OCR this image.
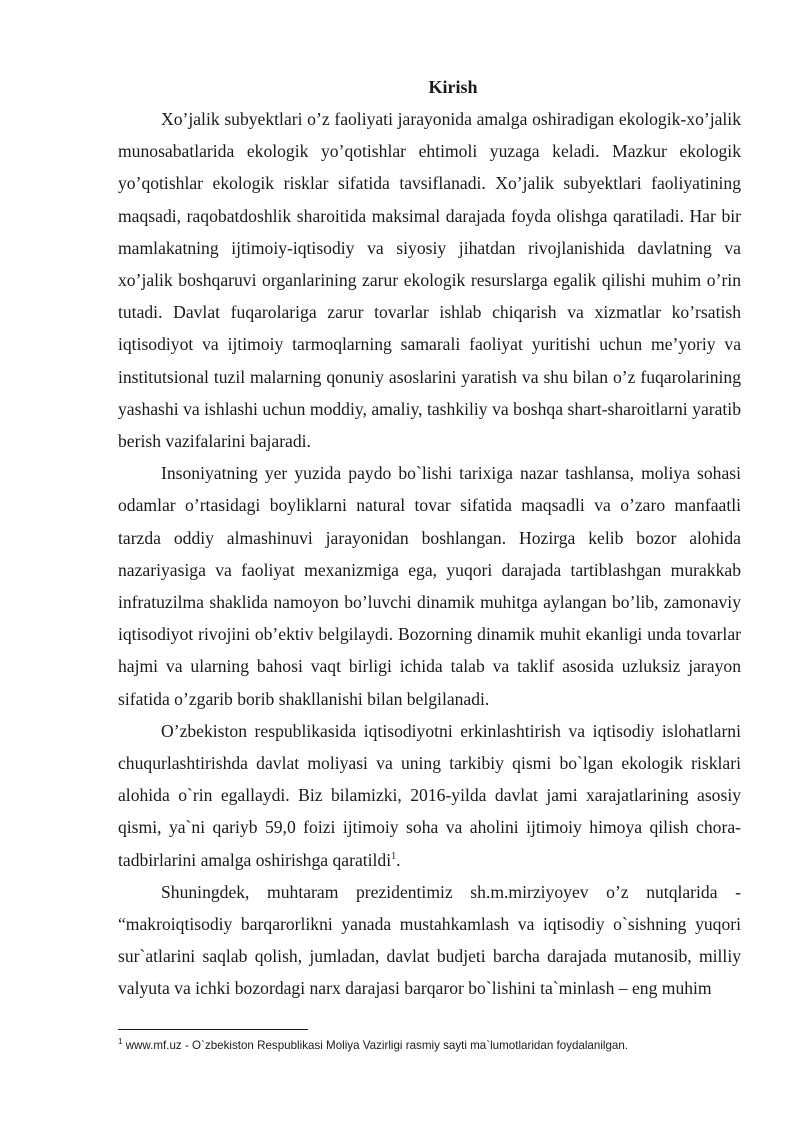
Kirish

Xo’jalik subyektlari o’z faoliyati jarayonida amalga oshiradigan ekologik-xo’jalik munosabatlarida ekologik yo’qotishlar ehtimoli yuzaga keladi. Mazkur ekologik yo’qotishlar ekologik risklar sifatida tavsiflanadi. Xo’jalik subyektlari faoliyatining maqsadi, raqobatdoshlik sharoitida maksimal darajada foyda olishga qaratiladi. Har bir mamlakatning ijtimoiy-iqtisodiy va siyosiy jihatdan rivojlanishida davlatning va xo’jalik boshqaruvi organlarining zarur ekologik resurslarga egalik qilishi muhim o’rin tutadi. Davlat fuqarolariga zarur tovarlar ishlab chiqarish va xizmatlar ko’rsatish iqtisodiyot va ijtimoiy tarmoqlarning samarali faoliyat yuritishi uchun me’yoriy va institutsional tuzil malarning qonuniy asoslarini yaratish va shu bilan o’z fuqarolarining yashashi va ishlashi uchun moddiy, amaliy, tashkiliy va boshqa shart-sharoitlarni yaratib berish vazifalarini bajaradi.

Insoniyatning yer yuzida paydo bo`lishi tarixiga nazar tashlansa, moliya sohasi odamlar o’rtasidagi boyliklarni natural tovar sifatida maqsadli va o’zaro manfaatli tarzda oddiy almashinuvi jarayonidan boshlangan. Hozirga kelib bozor alohida nazariyasiga va faoliyat mexanizmiga ega, yuqori darajada tartiblashgan murakkab infratuzilma shaklida namoyon bo’luvchi dinamik muhitga aylangan bo’lib, zamonaviy iqtisodiyot rivojini ob’ektiv belgilaydi. Bozorning dinamik muhit ekanligi unda tovarlar hajmi va ularning bahosi vaqt birligi ichida talab va taklif asosida uzluksiz jarayon sifatida o’zgarib borib shakllanishi bilan belgilanadi.

O’zbekiston respublikasida iqtisodiyotni erkinlashtirish va iqtisodiy islohatlarni chuqurlashtirishda davlat moliyasi va uning tarkibiy qismi bo`lgan ekologik risklari alohida o`rin egallaydi. Biz bilamizki, 2016-yilda davlat jami xarajatlarining asosiy qismi, ya`ni qariyb 59,0 foizi ijtimoiy soha va aholini ijtimoiy himoya qilish chora-tadbirlarini amalga oshirishga qaratildi$^1$.

Shuningdek, muhtaram prezidentimiz sh.m.mirziyoyev o’z nutqlarida - “makroiqtisodiy barqarorlikni yanada mustahkamlash va iqtisodiy o`sishning yuqori sur`atlarini saqlab qolish, jumladan, davlat budjeti barcha darajada mutanosib, milliy valyuta va ichki bozordagi narx darajasi barqaror bo`lishini ta`minlash – eng muhim

$^1$ www.mf.uz - O`zbekiston Respublikasi Moliya Vazirligi rasmiy sayti ma`lumotlaridan foydalanilgan.
